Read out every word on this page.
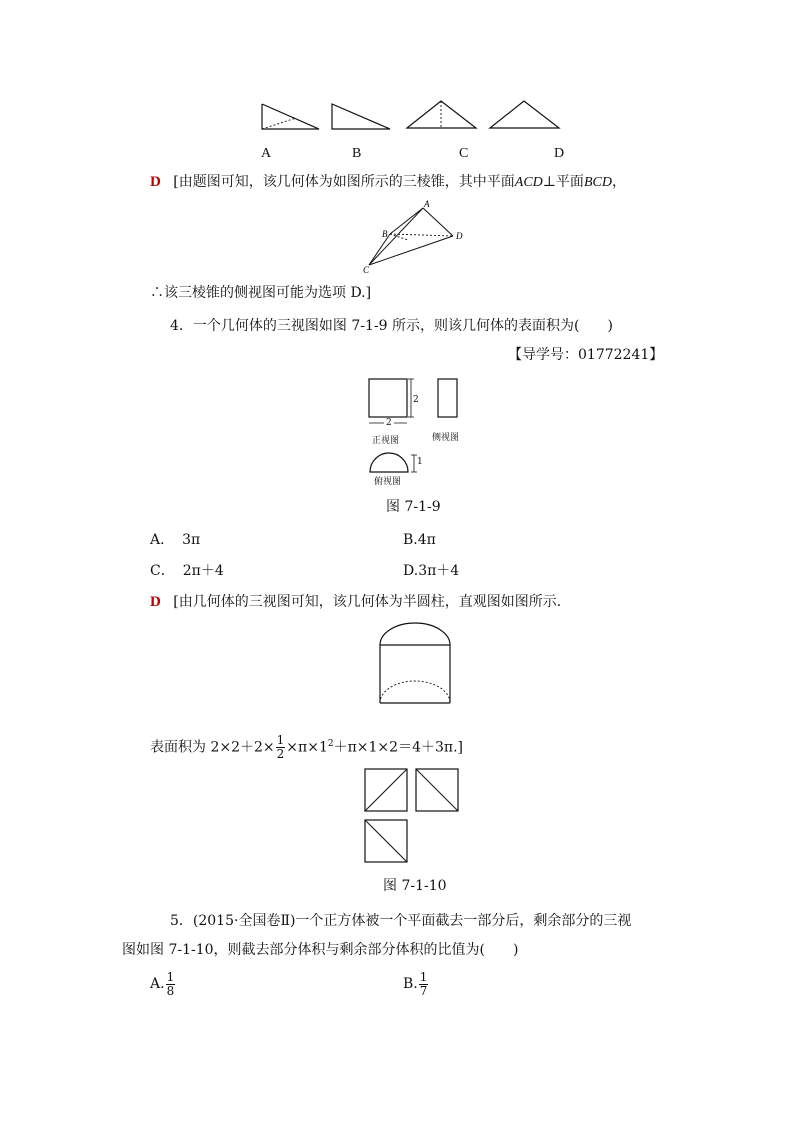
A	B	C	D
D [由题图可知，该几何体为如图所示的三棱锥，其中平面ACD⊥平面BCD，
A
B
C
D
∴该三棱锥的侧视图可能为选项 D.]
4．一个几何体的三视图如图 7-1-9 所示，则该几何体的表面积为(　　)
【导学号：01772241】
2
2
正视图	侧视图
1
俯视图
图 7-1-9
A． 3π	B.4π
C． 2π＋4	D.3π＋4
D [由几何体的三视图可知，该几何体为半圆柱，直观图如图所示．
表面积为 $2\times 2+2\times \frac{1}{2} \times\pi\times 1^2+\pi\times 1\times 2=4+3\pi$.]
图 7-1-10
5．(2015·全国卷Ⅱ)一个正方体被一个平面截去一部分后，剩余部分的三视
图如图 7-1-10，则截去部分体积与剩余部分体积的比值为(　　)
A. $\frac{1}{8}$	B. $\frac{1}{7}$
